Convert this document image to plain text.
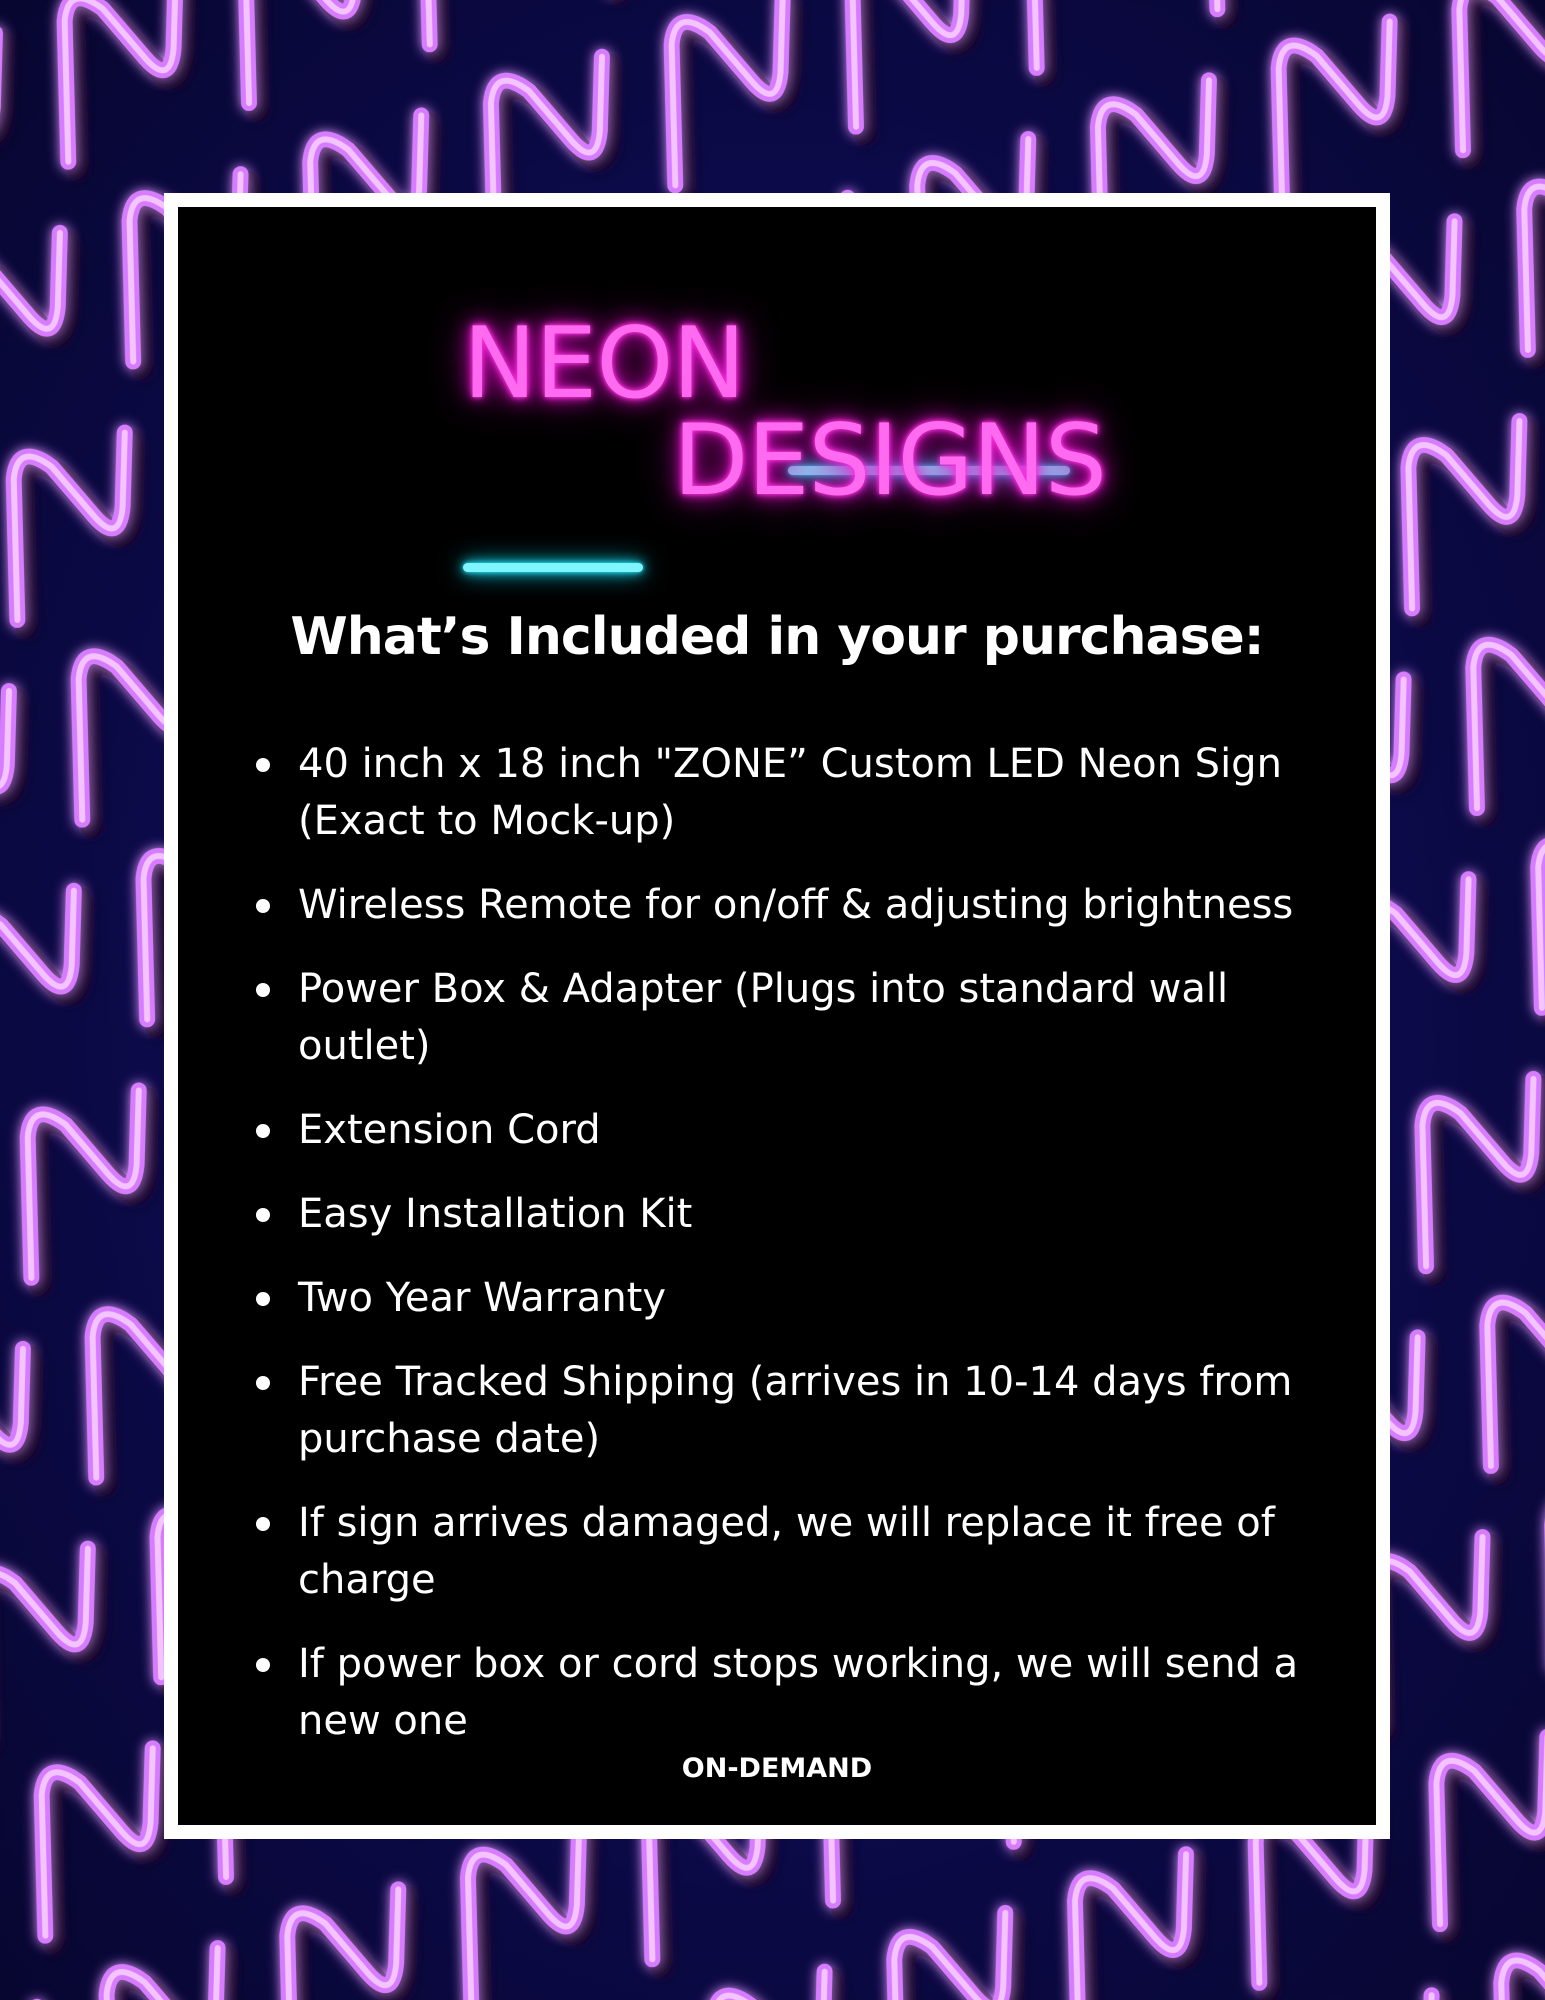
NEON
DESIGNS
What’s Included in your purchase:
40 inch x 18 inch "ZONE” Custom LED Neon Sign (Exact to Mock-up)
Wireless Remote for on/off & adjusting brightness
Power Box & Adapter (Plugs into standard wall outlet)
Extension Cord
Easy Installation Kit
Two Year Warranty
Free Tracked Shipping (arrives in 10-14 days from purchase date)
If sign arrives damaged, we will replace it free of charge
If power box or cord stops working, we will send a new one
ON-DEMAND
